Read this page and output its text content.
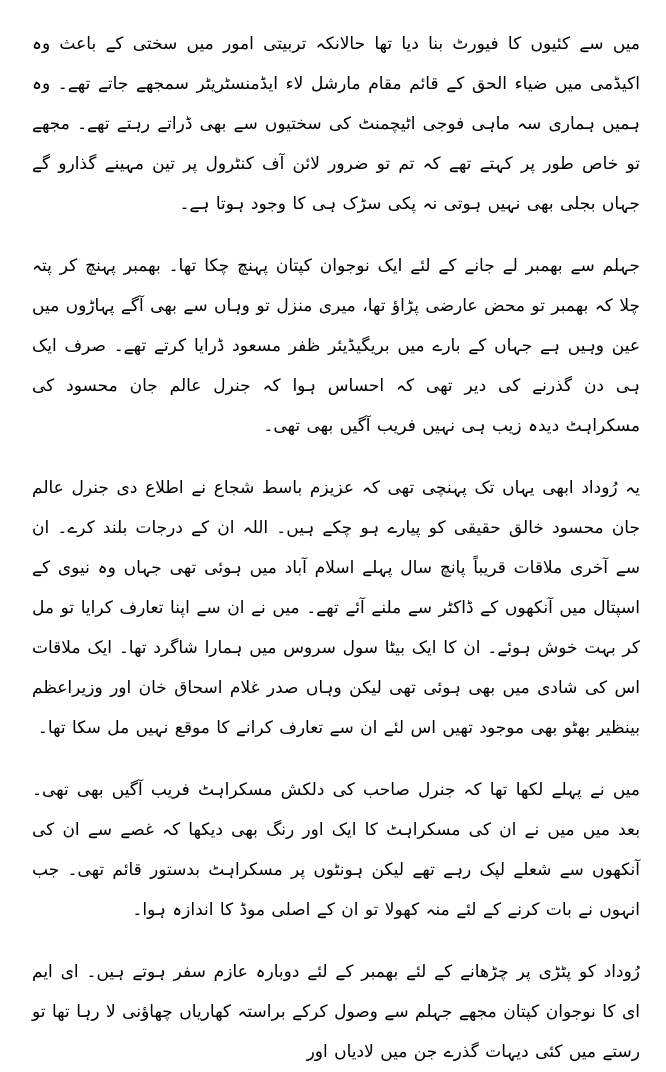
میں سے کئیوں کا فیورٹ بنا دیا تھا حالانکہ تربیتی امور میں سختی کے باعث وہ اکیڈمی میں ضیاء الحق کے قائم مقام مارشل لاء ایڈمنسٹریٹر سمجھے جاتے تھے۔ وہ ہمیں ہماری سہ ماہی فوجی اٹیچمنٹ کی سختیوں سے بھی ڈراتے رہتے تھے۔ مجھے تو خاص طور پر کہتے تھے کہ تم تو ضرور لائن آف کنٹرول پر تین مہینے گذارو گے جہاں بجلی بھی نہیں ہوتی نہ پکی سڑک ہی کا وجود ہوتا ہے۔

جہلم سے بھمبر لے جانے کے لئے ایک نوجوان کپتان پہنچ چکا تھا۔ بھمبر پہنچ کر پتہ چلا کہ بھمبر تو محض عارضی پڑاؤ تھا، میری منزل تو وہاں سے بھی آگے پہاڑوں میں عین وہیں ہے جہاں کے بارے میں بریگیڈیئر ظفر مسعود ڈرایا کرتے تھے۔ صرف ایک ہی دن گذرنے کی دیر تھی کہ احساس ہوا کہ جنرل عالم جان محسود کی مسکراہٹ دیدہ زیب ہی نہیں فریب آگیں بھی تھی۔

یہ رُوداد ابھی یہاں تک پہنچی تھی کہ عزیزم باسط شجاع نے اطلاع دی جنرل عالم جان محسود خالق حقیقی کو پیارے ہو چکے ہیں۔ اللہ ان کے درجات بلند کرے۔ ان سے آخری ملاقات قریباً پانچ سال پہلے اسلام آباد میں ہوئی تھی جہاں وہ نیوی کے اسپتال میں آنکھوں کے ڈاکٹر سے ملنے آئے تھے۔ میں نے ان سے اپنا تعارف کرایا تو مل کر بہت خوش ہوئے۔ ان کا ایک بیٹا سول سروس میں ہمارا شاگرد تھا۔ ایک ملاقات اس کی شادی میں بھی ہوئی تھی لیکن وہاں صدر غلام اسحاق خان اور وزیراعظم بینظیر بھٹو بھی موجود تھیں اس لئے ان سے تعارف کرانے کا موقع نہیں مل سکا تھا۔

میں نے پہلے لکھا تھا کہ جنرل صاحب کی دلکش مسکراہٹ فریب آگیں بھی تھی۔ بعد میں میں نے ان کی مسکراہٹ کا ایک اور رنگ بھی دیکھا کہ غصے سے ان کی آنکھوں سے شعلے لپک رہے تھے لیکن ہونٹوں پر مسکراہٹ بدستور قائم تھی۔ جب انہوں نے بات کرنے کے لئے منہ کھولا تو ان کے اصلی موڈ کا اندازہ ہوا۔

رُوداد کو پٹڑی پر چڑھانے کے لئے بھمبر کے لئے دوبارہ عازم سفر ہوتے ہیں۔ ای ایم ای کا نوجوان کپتان مجھے جہلم سے وصول کرکے براستہ کھاریاں چھاؤنی لا رہا تھا تو رستے میں کئی دیہات گذرے جن میں لادیاں اور
